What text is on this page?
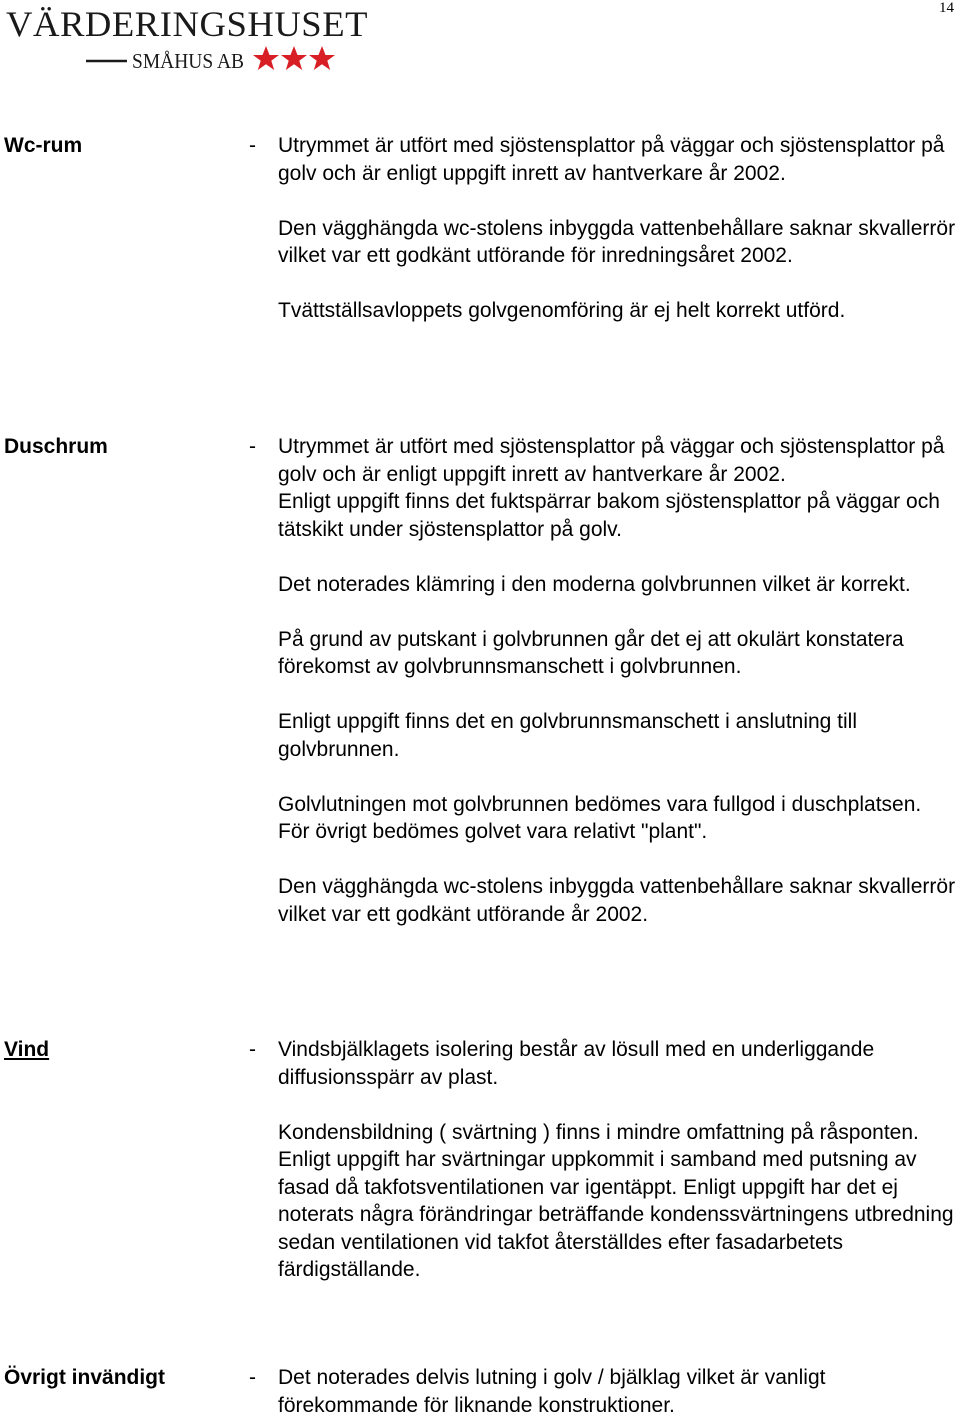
VÄRDERINGSHUSET
SMÅHUS AB
14
Wc-rum	- Utrymmet är utfört med sjöstensplattor på väggar och sjöstensplattor på golv och är enligt uppgift inrett av hantverkare år 2002.

Den vägghängda wc-stolens inbyggda vattenbehållare saknar skvallerrör vilket var ett godkänt utförande för inredningsåret 2002.

Tvättställsavloppets golvgenomföring är ej helt korrekt utförd.

Duschrum	- Utrymmet är utfört med sjöstensplattor på väggar och sjöstensplattor på golv och är enligt uppgift inrett av hantverkare år 2002.

Enligt uppgift finns det fuktspärrar bakom sjöstensplattor på väggar och tätskikt under sjöstensplattor på golv.

Det noterades klämring i den moderna golvbrunnen vilket är korrekt.

På grund av putskant i golvbrunnen går det ej att okulärt konstatera förekomst av golvbrunnsmanschett i golvbrunnen.

Enligt uppgift finns det en golvbrunnsmanschett i anslutning till golvbrunnen.

Golvlutningen mot golvbrunnen bedömes vara fullgod i duschplatsen. För övrigt bedömes golvet vara relativt "plant".

Den vägghängda wc-stolens inbyggda vattenbehållare saknar skvallerrör vilket var ett godkänt utförande år 2002.

Vind	- Vindsbjälklagets isolering består av lösull med en underliggande diffusionsspärr av plast.

Kondensbildning ( svärtning ) finns i mindre omfattning på råsponten. Enligt uppgift har svärtningar uppkommit i samband med putsning av fasad då takfotsventilationen var igentäppt. Enligt uppgift har det ej noterats några förändringar beträffande kondenssvärtningens utbredning sedan ventilationen vid takfot återställdes efter fasadarbetets färdigställande.

Övrigt invändigt	- Det noterades delvis lutning i golv / bjälklag vilket är vanligt förekommande för liknande konstruktioner.
